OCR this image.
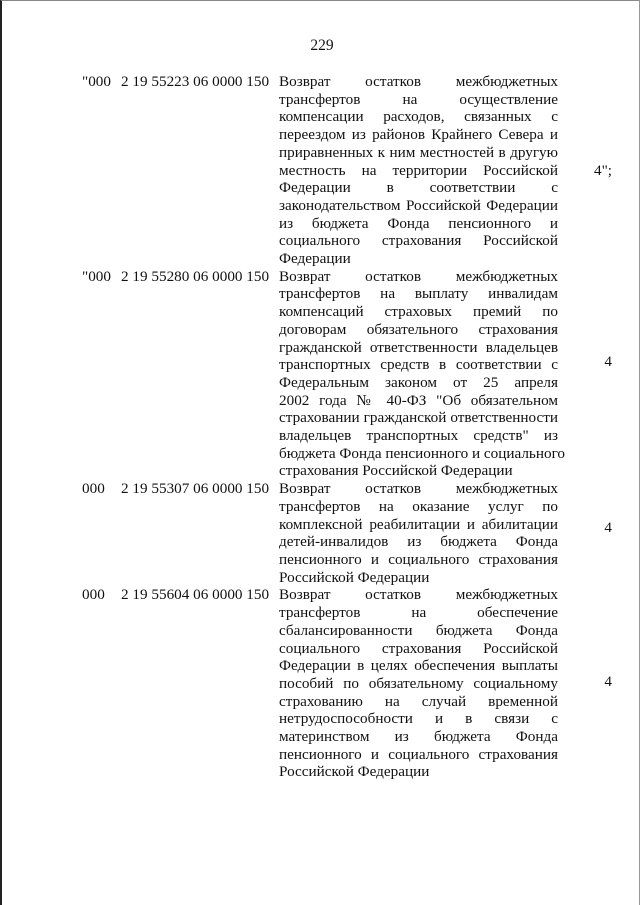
229
"000 2 19 55223 06 0000 150 Возврат остатков межбюджетных
трансфертов на осуществление
компенсации расходов, связанных с
переездом из районов Крайнего Севера и
приравненных к ним местностей в другую
местность на территории Российской
Федерации в соответствии с
законодательством Российской Федерации
из бюджета Фонда пенсионного и
социального страхования Российской
Федерации
4";
"000 2 19 55280 06 0000 150 Возврат остатков межбюджетных
трансфертов на выплату инвалидам
компенсаций страховых премий по
договорам обязательного страхования
гражданской ответственности владельцев
транспортных средств в соответствии с
Федеральным законом от 25 апреля
2002 года № 40-ФЗ "Об обязательном
страховании гражданской ответственности
владельцев транспортных средств" из
бюджета Фонда пенсионного и социального
страхования Российской Федерации
4
000 2 19 55307 06 0000 150 Возврат остатков межбюджетных
трансфертов на оказание услуг по
комплексной реабилитации и абилитации
детей-инвалидов из бюджета Фонда
пенсионного и социального страхования
Российской Федерации
4
000 2 19 55604 06 0000 150 Возврат остатков межбюджетных
трансфертов на обеспечение
сбалансированности бюджета Фонда
социального страхования Российской
Федерации в целях обеспечения выплаты
пособий по обязательному социальному
страхованию на случай временной
нетрудоспособности и в связи с
материнством из бюджета Фонда
пенсионного и социального страхования
Российской Федерации
4
